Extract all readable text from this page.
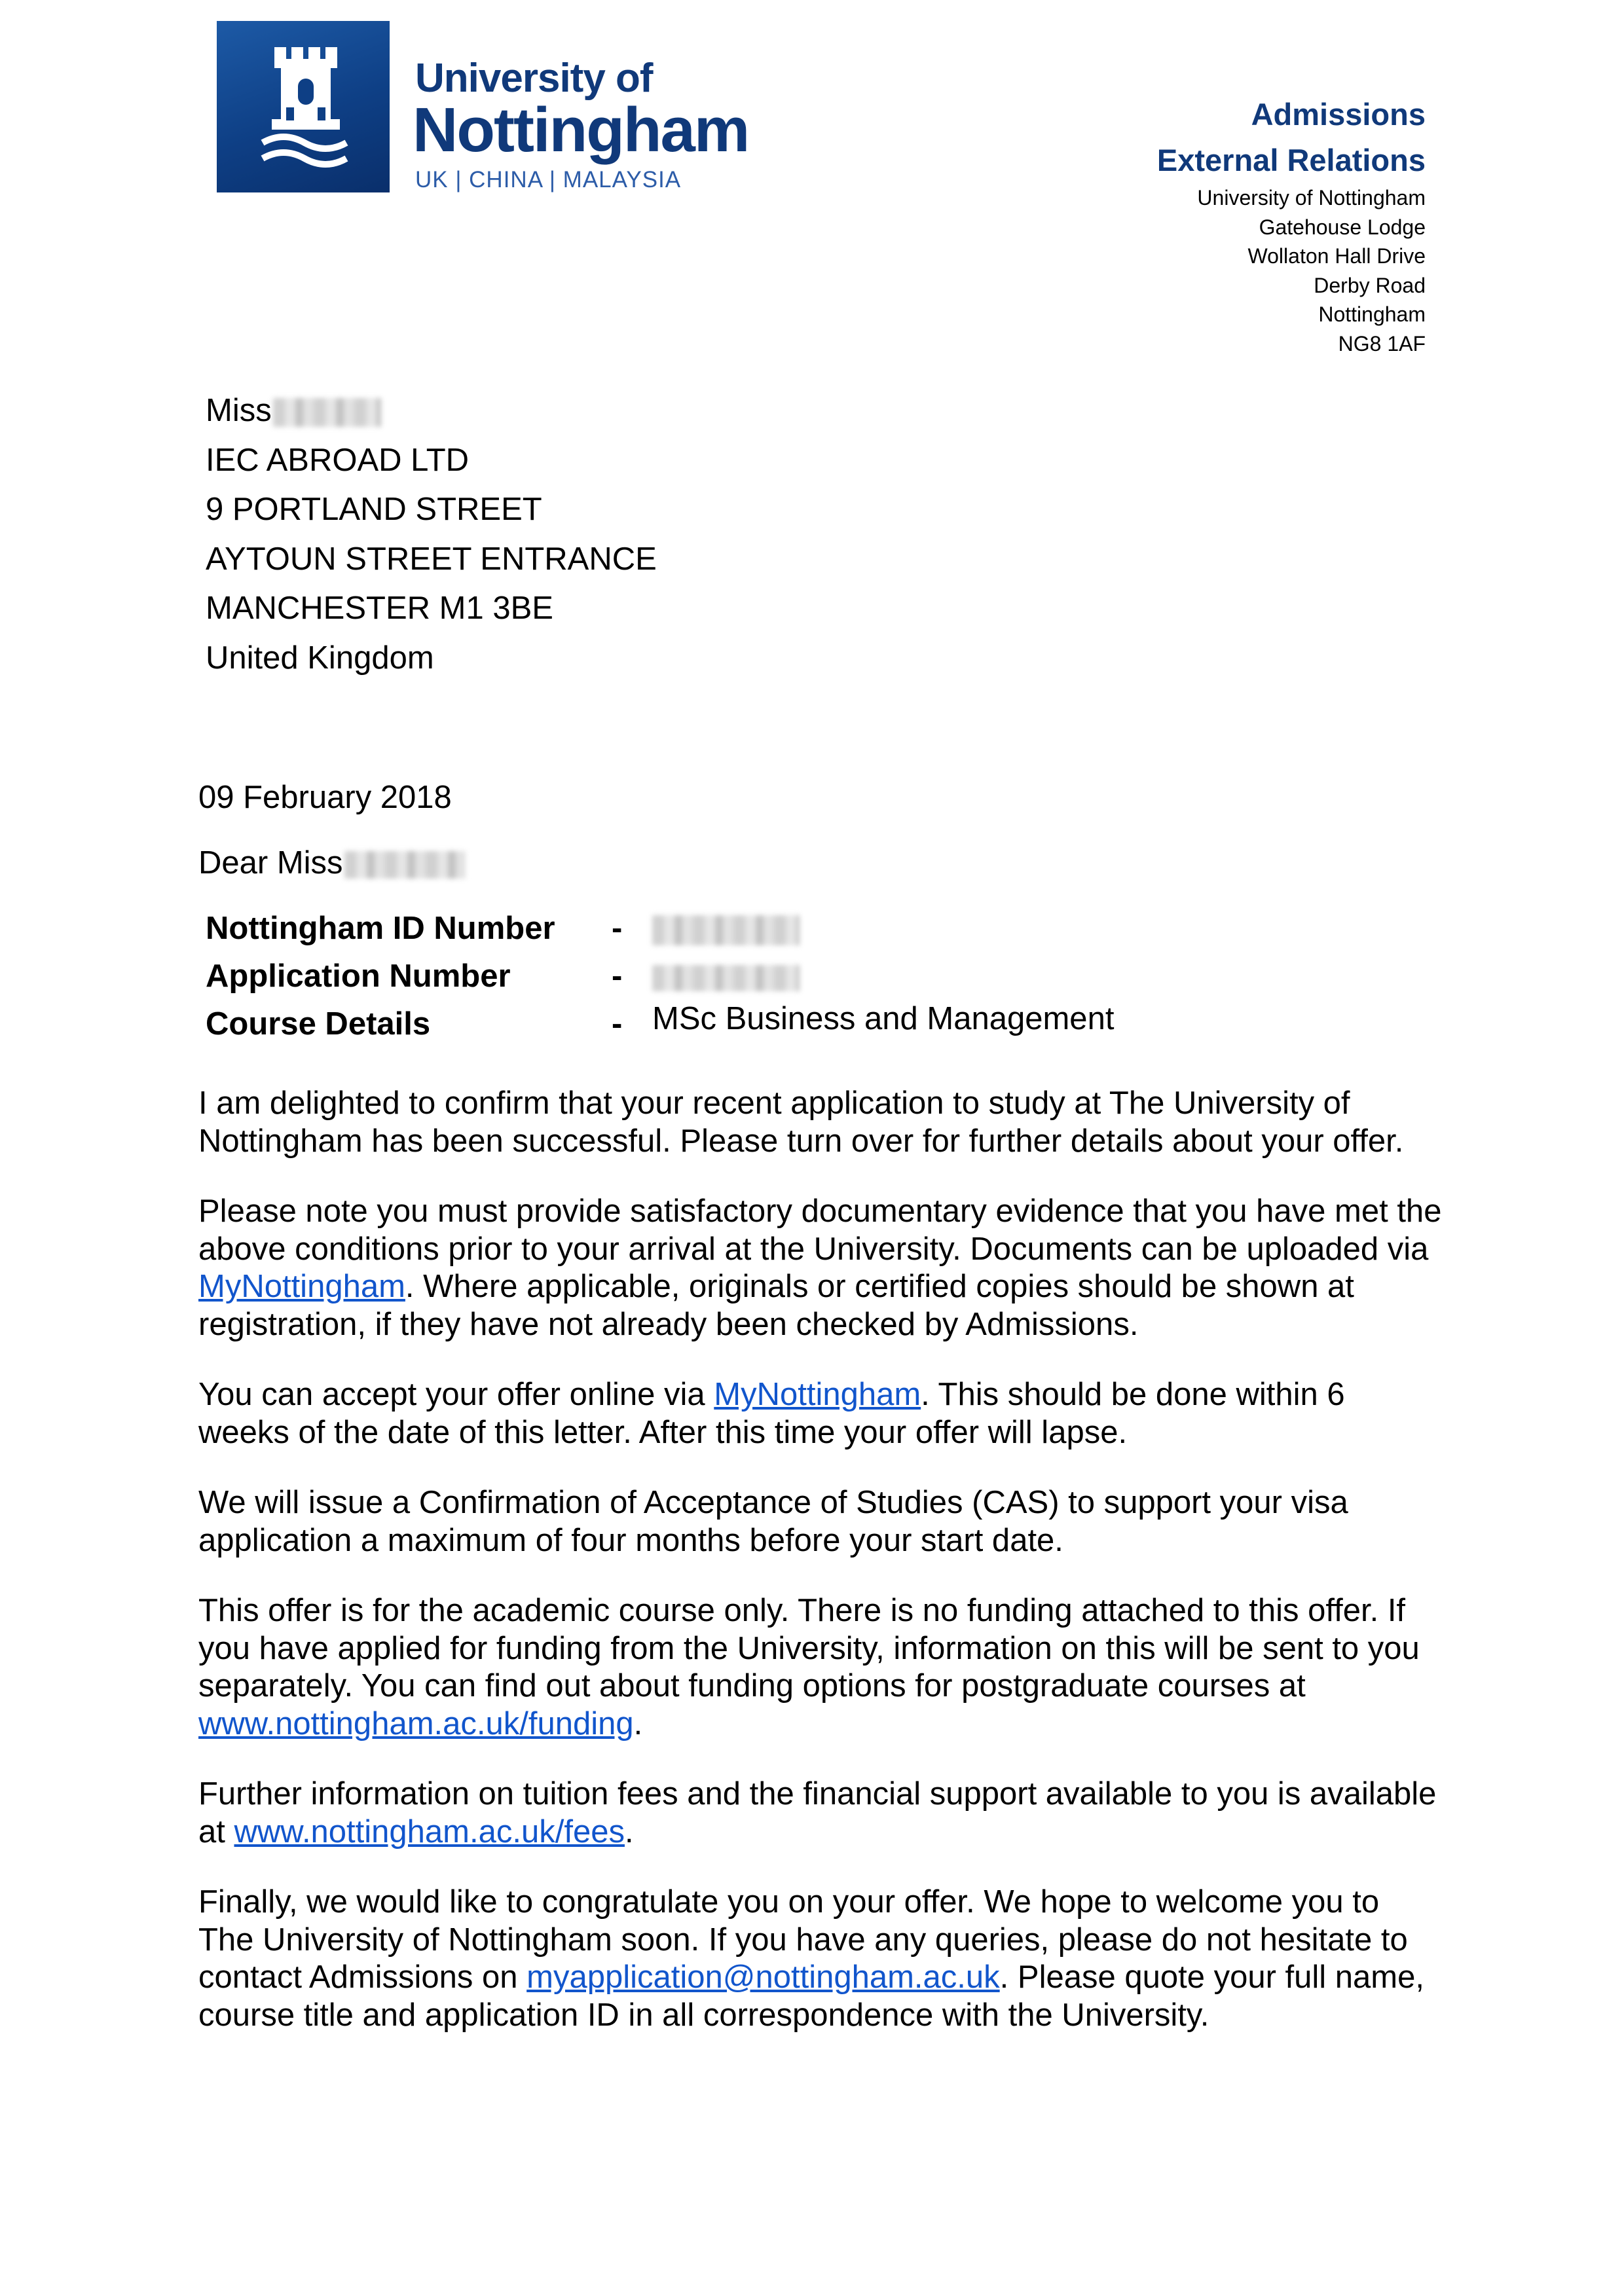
University of
Nottingham
UK | CHINA | MALAYSIA
Admissions
External Relations
University of Nottingham
Gatehouse Lodge
Wollaton Hall Drive
Derby Road
Nottingham
NG8 1AF
Miss
IEC ABROAD LTD
9 PORTLAND STREET
AYTOUN STREET ENTRANCE
MANCHESTER M1 3BE
United Kingdom
09 February 2018
Dear Miss
Nottingham ID Number -
Application Number	-
Course Details	- MSc Business and Management

I am delighted to confirm that your recent application to study at The University of Nottingham has been successful. Please turn over for further details about your offer.

Please note you must provide satisfactory documentary evidence that you have met the above conditions prior to your arrival at the University. Documents can be uploaded via MyNottingham. Where applicable, originals or certified copies should be shown at registration, if they have not already been checked by Admissions.

You can accept your offer online via MyNottingham. This should be done within 6 weeks of the date of this letter. After this time your offer will lapse.

We will issue a Confirmation of Acceptance of Studies (CAS) to support your visa application a maximum of four months before your start date.

This offer is for the academic course only. There is no funding attached to this offer. If you have applied for funding from the University, information on this will be sent to you separately. You can find out about funding options for postgraduate courses at www.nottingham.ac.uk/funding.

Further information on tuition fees and the financial support available to you is available at www.nottingham.ac.uk/fees.

Finally, we would like to congratulate you on your offer. We hope to welcome you to The University of Nottingham soon. If you have any queries, please do not hesitate to contact Admissions on myapplication@nottingham.ac.uk. Please quote your full name, course title and application ID in all correspondence with the University.
